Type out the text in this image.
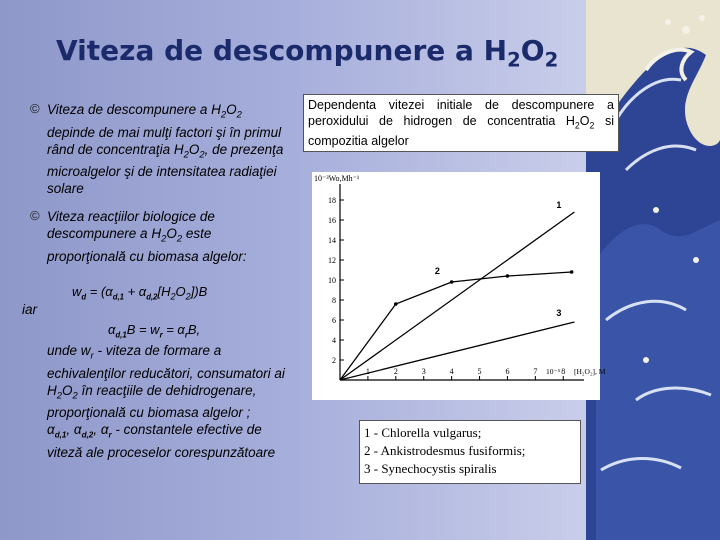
Viteza de descompunere a $H_2O_2$
© Viteza de descompunere a $H_2O_2$ depinde de mai mulţi factori şi în primul rând de concentraţia $H_2O_2$, de prezenţa microalgelor şi de intensitatea radiaţiei solare
© Viteza reacţiilor biologice de descompunere a $H_2O_2$ este proporţională cu biomasa algelor:
$w_d = (\alpha_{d,1} + \alpha_{d,2}[H_2O_2])B$
iar
$\alpha_{d,1}B = w_r = \alpha_rB$,
unde $w_r$ - viteza de formare a echivalenţilor reducători, consumatori ai $H_2O_2$ în reacţiile de dehidrogenare, proporţională cu biomasa algelor ;
$\alpha_{d,1}$, $\alpha_{d,2}$, $\alpha_r$ - constantele efective de viteză ale proceselor corespunzătoare
Dependenta vitezei initiale de descompunere a peroxidului de hidrogen de concentratia $H_2O_2$ si compozitia algelor
2
4
6
8
10
12
14
16
18
1	2	3	4	5	6	7	8
10⁻³Wo,Mh⁻¹
10⁻⁵ [H₂O₂], M
1
2
3
1 - Chlorella vulgarus;
2 - Ankistrodesmus fusiformis;
3 - Synechocystis spiralis
